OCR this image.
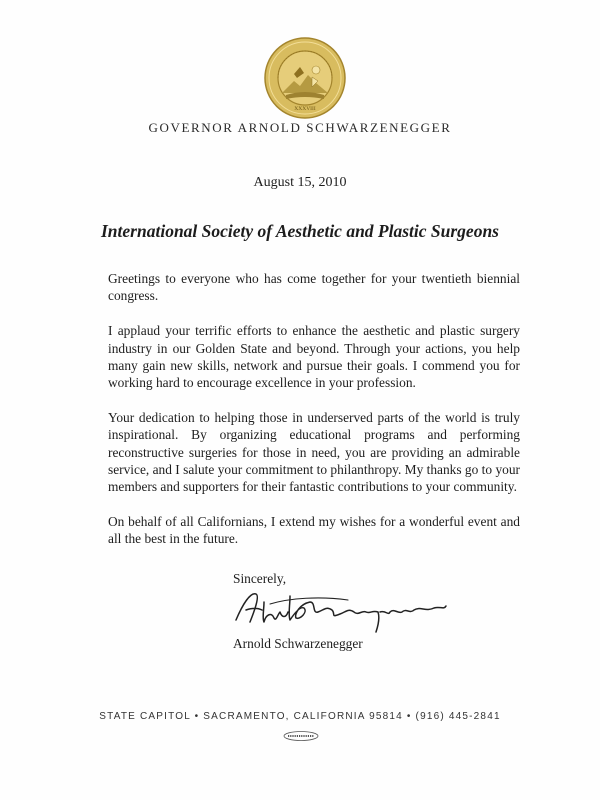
XXXVIII
GOVERNOR ARNOLD SCHWARZENEGGER
August 15, 2010
International Society of Aesthetic and Plastic Surgeons

Greetings to everyone who has come together for your twentieth biennial congress.

I applaud your terrific efforts to enhance the aesthetic and plastic surgery industry in our Golden State and beyond. Through your actions, you help many gain new skills, network and pursue their goals. I commend you for working hard to encourage excellence in your profession.

Your dedication to helping those in underserved parts of the world is truly inspirational. By organizing educational programs and performing reconstructive surgeries for those in need, you are providing an admirable service, and I salute your commitment to philanthropy. My thanks go to your members and supporters for their fantastic contributions to your community.

On behalf of all Californians, I extend my wishes for a wonderful event and all the best in the future.

Sincerely,
Arnold Schwarzenegger
STATE CAPITOL • SACRAMENTO, CALIFORNIA 95814 • (916) 445-2841
